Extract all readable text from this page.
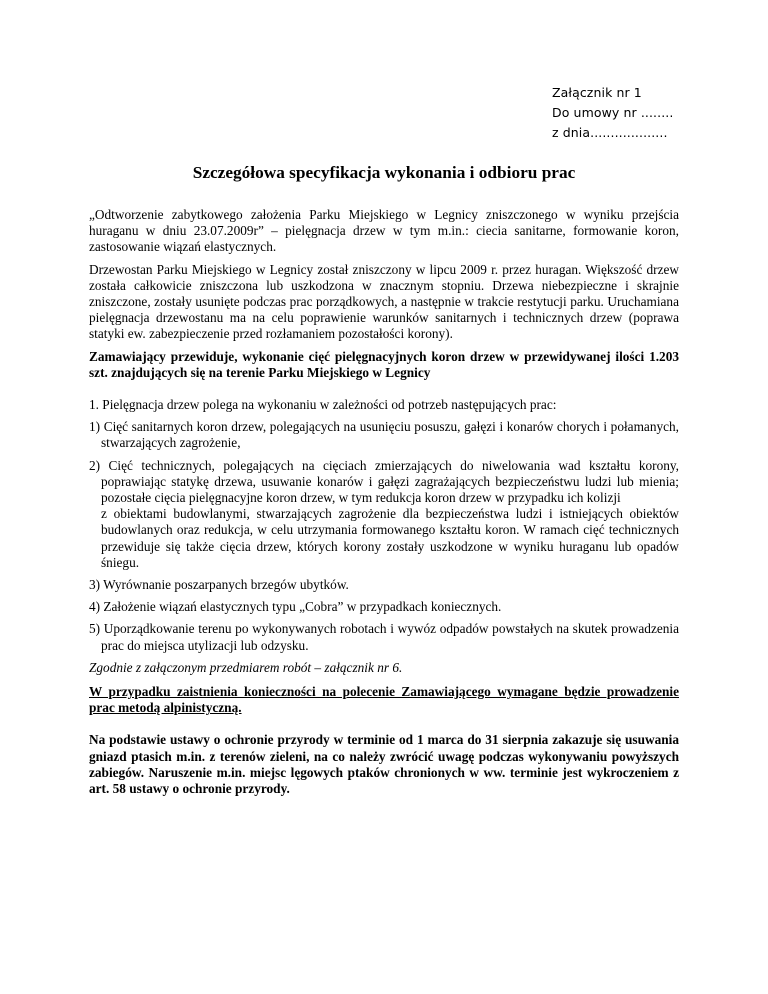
Załącznik nr 1
Do umowy nr ........
z dnia...................
Szczegółowa specyfikacja wykonania i odbioru prac

„Odtworzenie zabytkowego założenia Parku Miejskiego w Legnicy zniszczonego w wyniku przejścia huraganu w dniu 23.07.2009r” – pielęgnacja drzew w tym m.in.: ciecia sanitarne, formowanie koron, zastosowanie wiązań elastycznych.

Drzewostan Parku Miejskiego w Legnicy został zniszczony w lipcu 2009 r. przez huragan. Większość drzew została całkowicie zniszczona lub uszkodzona w znacznym stopniu. Drzewa niebezpieczne i skrajnie zniszczone, zostały usunięte podczas prac porządkowych, a następnie w trakcie restytucji parku. Uruchamiana pielęgnacja drzewostanu ma na celu poprawienie warunków sanitarnych i technicznych drzew (poprawa statyki ew. zabezpieczenie przed rozłamaniem pozostałości korony).

Zamawiający przewiduje, wykonanie cięć pielęgnacyjnych koron drzew w przewidywanej ilości 1.203 szt. znajdujących się na terenie Parku Miejskiego w Legnicy

1. Pielęgnacja drzew polega na wykonaniu w zależności od potrzeb następujących prac:

1) Cięć sanitarnych koron drzew, polegających na usunięciu posuszu, gałęzi i konarów chorych i połamanych, stwarzających zagrożenie,

2) Cięć technicznych, polegających na cięciach zmierzających do niwelowania wad kształtu korony, poprawiając statykę drzewa, usuwanie konarów i gałęzi zagrażających bezpieczeństwu ludzi lub mienia; pozostałe cięcia pielęgnacyjne koron drzew, w tym redukcja koron drzew w przypadku ich kolizji
z obiektami budowlanymi, stwarzających zagrożenie dla bezpieczeństwa ludzi i istniejących obiektów budowlanych oraz redukcja, w celu utrzymania formowanego kształtu koron. W ramach cięć technicznych przewiduje się także cięcia drzew, których korony zostały uszkodzone w wyniku huraganu lub opadów śniegu.

3) Wyrównanie poszarpanych brzegów ubytków.

4) Założenie wiązań elastycznych typu „Cobra” w przypadkach koniecznych.

5) Uporządkowanie terenu po wykonywanych robotach i wywóz odpadów powstałych na skutek prowadzenia prac do miejsca utylizacji lub odzysku.

Zgodnie z załączonym przedmiarem robót – załącznik nr 6.

W przypadku zaistnienia konieczności na polecenie Zamawiającego wymagane będzie prowadzenie prac metodą alpinistyczną.

Na podstawie ustawy o ochronie przyrody w terminie od 1 marca do 31 sierpnia zakazuje się usuwania gniazd ptasich m.in. z terenów zieleni, na co należy zwrócić uwagę podczas wykonywaniu powyższych zabiegów. Naruszenie m.in. miejsc lęgowych ptaków chronionych w ww. terminie jest wykroczeniem z art. 58 ustawy o ochronie przyrody.
